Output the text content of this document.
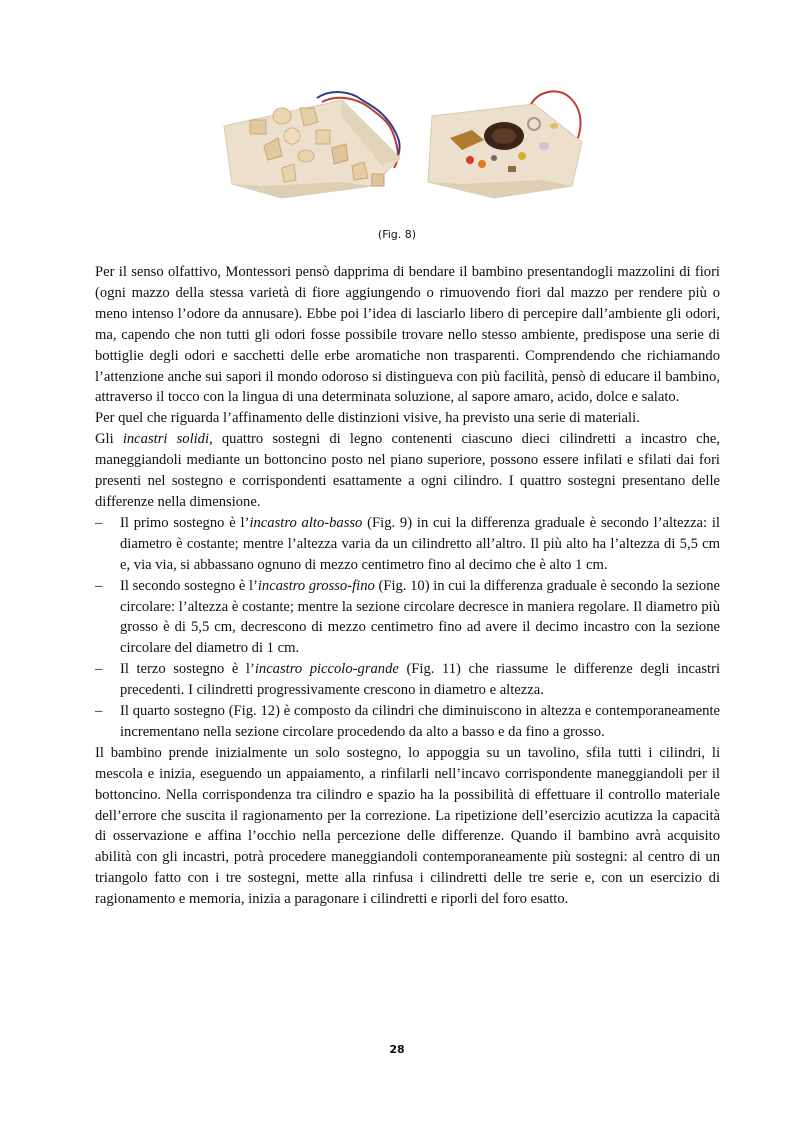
(Fig. 8)

Per il senso olfattivo, Montessori pensò dapprima di bendare il bambino presentandogli mazzolini di fiori (ogni mazzo della stessa varietà di fiore aggiungendo o rimuovendo fiori dal mazzo per rendere più o meno intenso l’odore da annusare). Ebbe poi l’idea di lasciarlo libero di percepire dall’ambiente gli odori, ma, capendo che non tutti gli odori fosse possibile trovare nello stesso ambiente, predispose una serie di bottiglie degli odori e sacchetti delle erbe aromatiche non trasparenti. Comprendendo che richiamando l’attenzione anche sui sapori il mondo odoroso si distingueva con più facilità, pensò di educare il bambino, attraverso il tocco con la lingua di una determinata soluzione, al sapore amaro, acido, dolce e salato.

Per quel che riguarda l’affinamento delle distinzioni visive, ha previsto una serie di materiali.

Gli incastri solidi, quattro sostegni di legno contenenti ciascuno dieci cilindretti a incastro che, maneggiandoli mediante un bottoncino posto nel piano superiore, possono essere infilati e sfilati dai fori presenti nel sostegno e corrispondenti esattamente a ogni cilindro. I quattro sostegni presentano delle differenze nella dimensione.

– Il primo sostegno è l’incastro alto-basso (Fig. 9) in cui la differenza graduale è secondo l’altezza: il diametro è costante; mentre l’altezza varia da un cilindretto all’altro. Il più alto ha l’altezza di 5,5 cm e, via via, si abbassano ognuno di mezzo centimetro fino al decimo che è alto 1 cm.
– Il secondo sostegno è l’incastro grosso-fino (Fig. 10) in cui la differenza graduale è secondo la sezione circolare: l’altezza è costante; mentre la sezione circolare decresce in maniera regolare. Il diametro più grosso è di 5,5 cm, decrescono di mezzo centimetro fino ad avere il decimo incastro con la sezione circolare del diametro di 1 cm.
– Il terzo sostegno è l’incastro piccolo-grande (Fig. 11) che riassume le differenze degli incastri precedenti. I cilindretti progressivamente crescono in diametro e altezza.
– Il quarto sostegno (Fig. 12) è composto da cilindri che diminuiscono in altezza e contemporaneamente incrementano nella sezione circolare procedendo da alto a basso e da fino a grosso.

Il bambino prende inizialmente un solo sostegno, lo appoggia su un tavolino, sfila tutti i cilindri, li mescola e inizia, eseguendo un appaiamento, a rinfilarli nell’incavo corrispondente maneggiandoli per il bottoncino. Nella corrispondenza tra cilindro e spazio ha la possibilità di effettuare il controllo materiale dell’errore che suscita il ragionamento per la correzione. La ripetizione dell’esercizio acutizza la capacità di osservazione e affina l’occhio nella percezione delle differenze. Quando il bambino avrà acquisito abilità con gli incastri, potrà procedere maneggiandoli contemporaneamente più sostegni: al centro di un triangolo fatto con i tre sostegni, mette alla rinfusa i cilindretti delle tre serie e, con un esercizio di ragionamento e memoria, inizia a paragonare i cilindretti e riporli del foro esatto.

28
